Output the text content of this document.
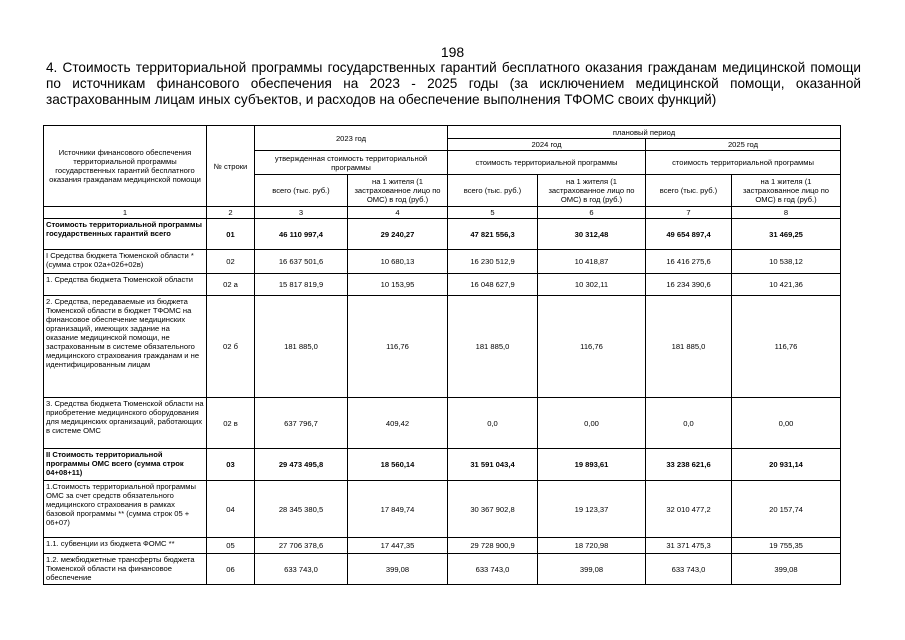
198
4. Стоимость территориальной программы государственных гарантий бесплатного оказания гражданам медицинской помощи по источникам финансового обеспечения на 2023 - 2025 годы (за исключением медицинской помощи, оказанной застрахованным лицам иных субъектов, и расходов на обеспечение выполнения ТФОМС своих функций)
Источники финансового обеспечения территориальной программы государственных гарантий бесплатного оказания гражданам медицинской помощи	№ строки	2023 год		плановый период			
				2024 год		2025 год	
		утвержденная стоимость территориальной программы		стоимость территориальной программы		стоимость территориальной программы	
		всего (тыс. руб.)	на 1 жителя (1 застрахованное лицо по ОМС) в год (руб.)	всего (тыс. руб.)	на 1 жителя (1 застрахованное лицо по ОМС) в год (руб.)	всего (тыс. руб.)	на 1 жителя (1 застрахованное лицо по ОМС) в год (руб.)
1	2	3	4	5	6	7	8
Стоимость территориальной программы государственных гарантий всего	01	46 110 997,4	29 240,27	47 821 556,3	30 312,48	49 654 897,4	31 469,25
I Средства бюджета Тюменской области * (сумма строк 02а+02б+02в)	02	16 637 501,6	10 680,13	16 230 512,9	10 418,87	16 416 275,6	10 538,12
1. Средства бюджета Тюменской области	02 а	15 817 819,9	10 153,95	16 048 627,9	10 302,11	16 234 390,6	10 421,36
2. Средства, передаваемые из бюджета Тюменской области в бюджет ТФОМС на финансовое обеспечение медицинских организаций, имеющих задание на оказание медицинской помощи, не застрахованным в системе обязательного медицинского страхования гражданам и не идентифицированным лицам	02 б	181 885,0	116,76	181 885,0	116,76	181 885,0	116,76
3. Средства бюджета Тюменской области на приобретение медицинского оборудования для медицинских организаций, работающих в системе ОМС	02 в	637 796,7	409,42	0,0	0,00	0,0	0,00
II Стоимость территориальной программы ОМС всего (сумма строк 04+08+11)	03	29 473 495,8	18 560,14	31 591 043,4	19 893,61	33 238 621,6	20 931,14
1.Стоимость территориальной программы ОМС за счет средств обязательного медицинского страхования в рамках базовой программы ** (сумма строк 05 + 06+07)	04	28 345 380,5	17 849,74	30 367 902,8	19 123,37	32 010 477,2	20 157,74
1.1. субвенции из бюджета ФОМС **	05	27 706 378,6	17 447,35	29 728 900,9	18 720,98	31 371 475,3	19 755,35
1.2. межбюджетные трансферты бюджета Тюменской области на финансовое обеспечение	06	633 743,0	399,08	633 743,0	399,08	633 743,0	399,08
